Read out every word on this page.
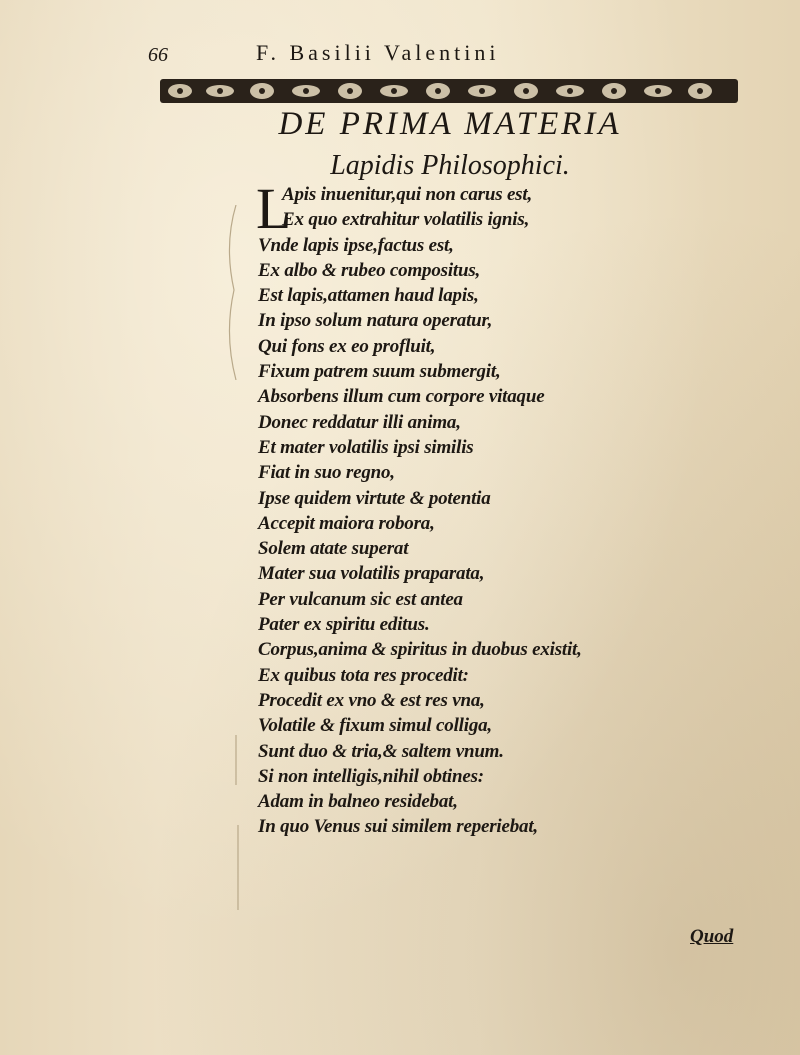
66	F. Basilii Valentini
DE PRIMA MATERIA
Lapidis Philosophici.
L
Apis inuenitur,qui non carus est,
Ex quo extrahitur volatilis ignis,
Vnde lapis ipse,factus est,
Ex albo & rubeo compositus,
Est lapis,attamen haud lapis,
In ipso solum natura operatur,
Qui fons ex eo profluit,
Fixum patrem suum submergit,
Absorbens illum cum corpore vitaque
Donec reddatur illi anima,
Et mater volatilis ipsi similis
Fiat in suo regno,
Ipse quidem virtute & potentia
Accepit maiora robora,
Solem atate superat
Mater sua volatilis praparata,
Per vulcanum sic est antea
Pater ex spiritu editus.
Corpus,anima & spiritus in duobus existit,
Ex quibus tota res procedit:
Procedit ex vno & est res vna,
Volatile & fixum simul colliga,
Sunt duo & tria,& saltem vnum.
Si non intelligis,nihil obtines:
Adam in balneo residebat,
In quo Venus sui similem reperiebat,
Quod
